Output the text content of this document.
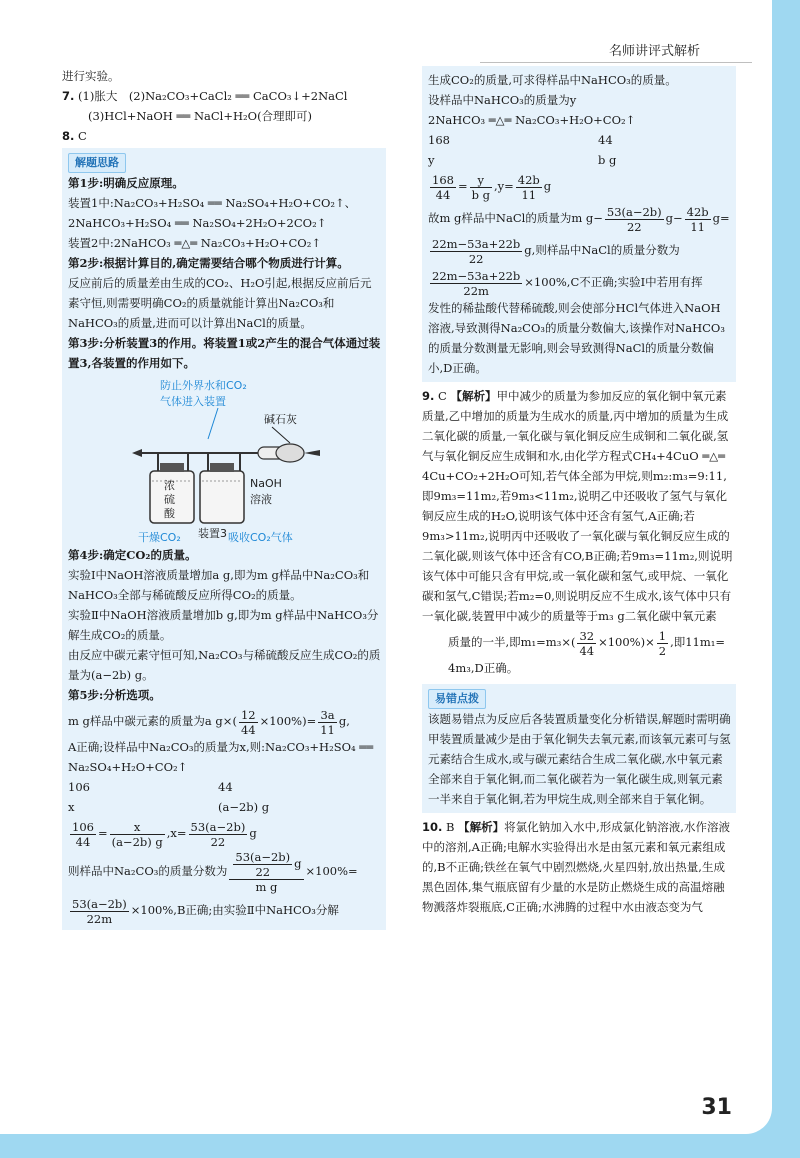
名师讲评式解析

进行实验。

7. (1)胀大　(2)Na₂CO₃+CaCl₂ ══ CaCO₃↓+2NaCl

(3)HCl+NaOH ══ NaCl+H₂O(合理即可)

8. C

解题思路

第1步:明确反应原理。

装置1中:Na₂CO₃+H₂SO₄ ══ Na₂SO₄+H₂O+CO₂↑、

2NaHCO₃+H₂SO₄ ══ Na₂SO₄+2H₂O+2CO₂↑

装置2中:2NaHCO₃ ═△═ Na₂CO₃+H₂O+CO₂↑

第2步:根据计算目的,确定需要结合哪个物质进行计算。

反应前后的质量差由生成的CO₂、H₂O引起,根据反应前后元素守恒,则需要明确CO₂的质量就能计算出Na₂CO₃和NaHCO₃的质量,进而可以计算出NaCl的质量。

第3步:分析装置3的作用。将装置1或2产生的混合气体通过装置3,各装置的作用如下。

防止外界水和CO₂
气体进入装置
碱石灰
浓
硫
酸
NaOH
溶液
装置3
干燥CO₂	吸收CO₂气体

第4步:确定CO₂的质量。

实验Ⅰ中NaOH溶液质量增加a g,即为m g样品中Na₂CO₃和NaHCO₃全部与稀硫酸反应所得CO₂的质量。

实验Ⅱ中NaOH溶液质量增加b g,即为m g样品中NaHCO₃分解生成CO₂的质量。

由反应中碳元素守恒可知,Na₂CO₃与稀硫酸反应生成CO₂的质量为(a−2b) g。

第5步:分析选项。

m g样品中碳元素的质量为a $g\times( \frac{12}{44} \times 100\%)= \frac{3a}{11} g$,

A正确;设样品中Na₂CO₃的质量为x,则:Na₂CO₃+H₂SO₄ ══ Na₂SO₄+H₂O+CO₂↑

106	44

x	(a−2b) g

$\frac{106}{44} = \frac{x}{(a-2b) g} ,x= \frac{53(a-2b)}{22}$ g

则样品中Na₂CO₃的质量分数为 $\frac{\frac{53(a-2b)}{22} g}{\text{m g}} \times 100\%=$

$\frac{53(a-2b)}{22m} \times 100\%,B$正确;由实验Ⅱ中NaHCO₃分解

生成CO₂的质量,可求得样品中NaHCO₃的质量。

设样品中NaHCO₃的质量为y

2NaHCO₃ ═△═ Na₂CO₃+H₂O+CO₂↑

168	44

y	b g

$\frac{168}{44} = \frac{y}{\text{b g}} ,y= \frac{42b}{11}$ g

故m g样品中NaCl的质量为m $g- \frac{53(a-2b)}{22} g- \frac{42b}{11} g=$

$\frac{22m-53a+22b}{22} g$,则样品中NaCl的质量分数为

$\frac{22m-53a+22b}{22m} \times 100\%,C$不正确;实验Ⅰ中若用有挥

发性的稀盐酸代替稀硫酸,则会使部分HCl气体进入NaOH溶液,导致测得Na₂CO₃的质量分数偏大,该操作对NaHCO₃的质量分数测量无影响,则会导致测得NaCl的质量分数偏小,D正确。

9. C 【解析】甲中减少的质量为参加反应的氧化铜中氧元素质量,乙中增加的质量为生成水的质量,丙中增加的质量为生成二氧化碳的质量,一氧化碳与氧化铜反应生成铜和二氧化碳,氢气与氧化铜反应生成铜和水,由化学方程式CH₄+4CuO ═△═ 4Cu+CO₂+2H₂O可知,若气体全部为甲烷,则m₂:m₃=9:11,即9m₃=11m₂,若9m₃<11m₂,说明乙中还吸收了氢气与氧化铜反应生成的H₂O,说明该气体中还含有氢气,A正确;若9m₃>11m₂,说明丙中还吸收了一氧化碳与氧化铜反应生成的二氧化碳,则该气体中还含有CO,B正确;若9m₃=11m₂,则说明该气体中可能只含有甲烷,或一氧化碳和氢气,或甲烷、一氧化碳和氢气,C错误;若m₂=0,则说明反应不生成水,该气体中只有一氧化碳,装置甲中减少的质量等于m₃ g二氧化碳中氧元素

质量的一半,即$m_1=m_3\times( \frac{32}{44} \times 100\%)\times \frac{1}{2}$ ,即11m₁=

4m₃,D正确。

易错点拨

该题易错点为反应后各装置质量变化分析错误,解题时需明确甲装置质量减少是由于氧化铜失去氧元素,而该氧元素可与氢元素结合生成水,或与碳元素结合生成二氧化碳,水中氧元素全部来自于氧化铜,而二氧化碳若为一氧化碳生成,则氧元素一半来自于氧化铜,若为甲烷生成,则全部来自于氧化铜。

10. B 【解析】将氯化钠加入水中,形成氯化钠溶液,水作溶液中的溶剂,A正确;电解水实验得出水是由氢元素和氧元素组成的,B不正确;铁丝在氧气中剧烈燃烧,火星四射,放出热量,生成黑色固体,集气瓶底留有少量的水是防止燃烧生成的高温熔融物溅落炸裂瓶底,C正确;水沸腾的过程中水由液态变为气

31
